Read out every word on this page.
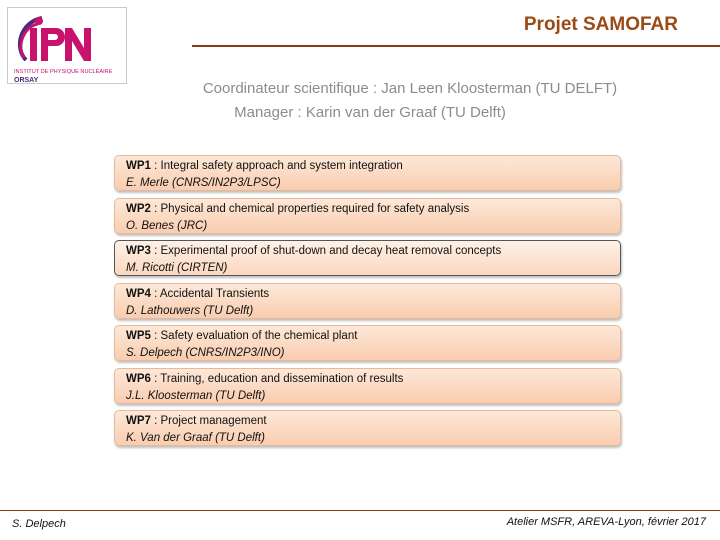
INSTITUT DE PHYSIQUE NUCLÉAIRE
ORSAY
Projet SAMOFAR
Coordinateur scientifique : Jan Leen Kloosterman (TU DELFT)
Manager : Karin van der Graaf (TU Delft)
WP1 : Integral safety approach and system integration
E. Merle (CNRS/IN2P3/LPSC)
WP2 : Physical and chemical properties required for safety analysis
O. Benes (JRC)
WP3 : Experimental proof of shut-down and decay heat removal concepts
M. Ricotti (CIRTEN)
WP4 : Accidental Transients
D. Lathouwers (TU Delft)
WP5 : Safety evaluation of the chemical plant
S. Delpech (CNRS/IN2P3/INO)
WP6 : Training, education and dissemination of results
J.L. Kloosterman (TU Delft)
WP7 : Project management
K. Van der Graaf (TU Delft)
S. Delpech	Atelier MSFR, AREVA-Lyon, février 2017
